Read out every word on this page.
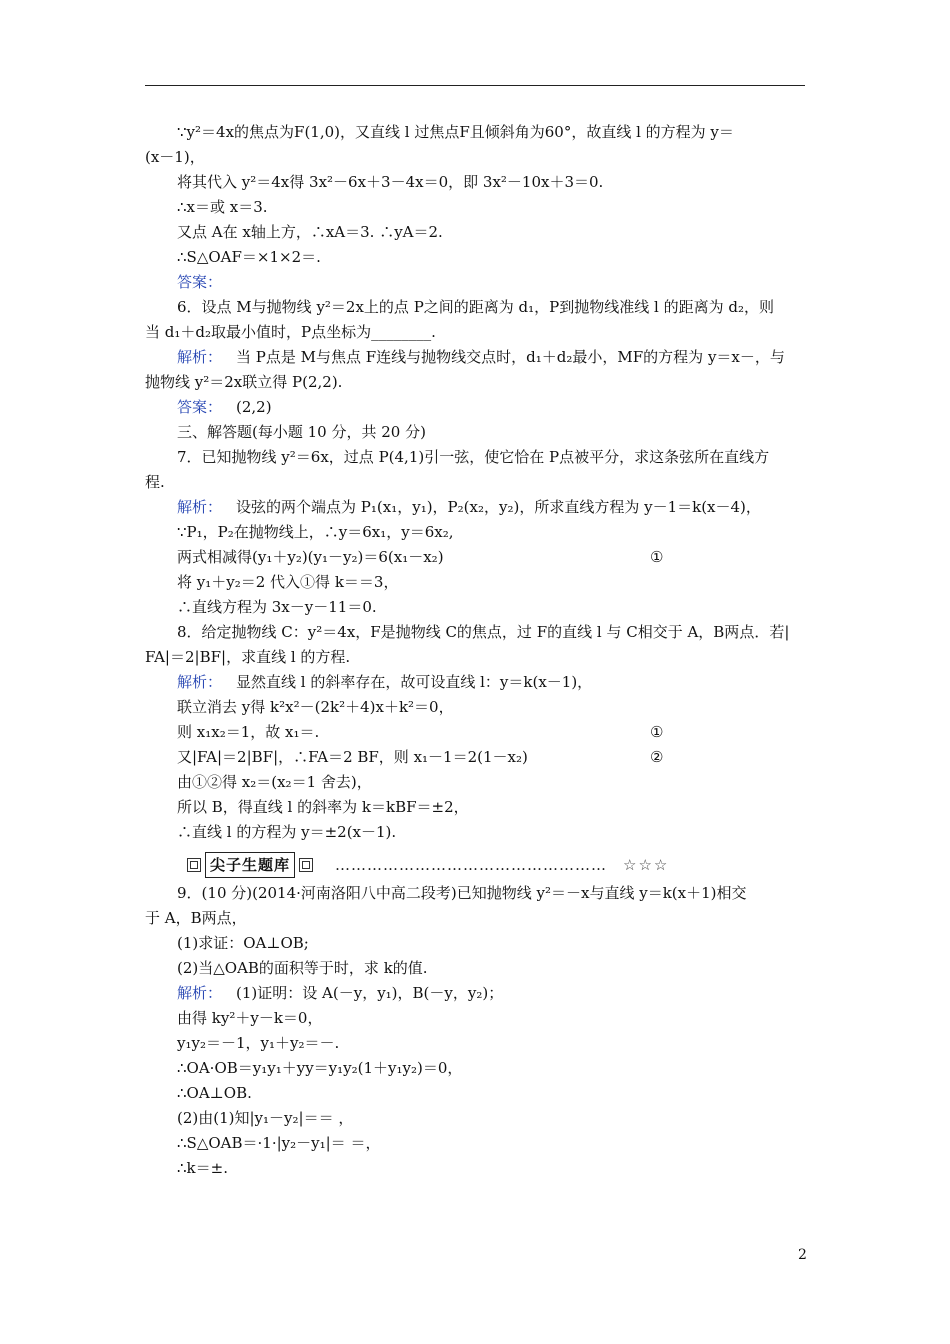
∵y²＝4x的焦点为F(1,0)，又直线 l 过焦点F且倾斜角为60°，故直线 l 的方程为 y＝
(x－1)，
将其代入 y²＝4x得 3x²－6x＋3－4x＝0，即 3x²－10x＋3＝0.
∴x＝或 x＝3.
又点 A在 x轴上方，∴xA＝3. ∴yA＝2.
∴S△OAF＝×1×2＝.
答案：
6．设点 M与抛物线 y²＝2x上的点 P之间的距离为 d₁，P到抛物线准线 l 的距离为 d₂，则
当 d₁＋d₂取最小值时，P点坐标为________.
解析： 当 P点是 M与焦点 F连线与抛物线交点时，d₁＋d₂最小，MF的方程为 y＝x－，与
抛物线 y²＝2x联立得 P(2,2).
答案： (2,2)
三、解答题(每小题 10 分，共 20 分)
7．已知抛物线 y²＝6x，过点 P(4,1)引一弦，使它恰在 P点被平分，求这条弦所在直线方
程.
解析： 设弦的两个端点为 P₁(x₁，y₁)，P₂(x₂，y₂)，所求直线方程为 y－1＝k(x－4)，
∵P₁，P₂在抛物线上，∴y＝6x₁，y＝6x₂,
两式相减得(y₁＋y₂)(y₁－y₂)＝6(x₁－x₂)	①
将 y₁＋y₂＝2 代入①得 k＝＝3，
∴直线方程为 3x－y－11＝0.
8．给定抛物线 C：y²＝4x，F是抛物线 C的焦点，过 F的直线 l 与 C相交于 A，B两点．若|
FA|＝2|BF|，求直线 l 的方程.
解析： 显然直线 l 的斜率存在，故可设直线 l：y＝k(x－1)，
联立消去 y得 k²x²－(2k²＋4)x＋k²＝0，
则 x₁x₂＝1，故 x₁＝.	①
又|FA|＝2|BF|，∴FA＝2 BF，则 x₁－1＝2(1－x₂)	②
由①②得 x₂＝(x₂＝1 舍去)，
所以 B，得直线 l 的斜率为 k＝kBF＝±2，
∴直线 l 的方程为 y＝±2(x－1).
尖子生题库	…………………………………………… ☆☆☆
9．(10 分)(2014·河南洛阳八中高二段考)已知抛物线 y²＝－x与直线 y＝k(x＋1)相交
于 A，B两点，
(1)求证：OA⊥OB;
(2)当△OAB的面积等于时，求 k的值.
解析： (1)证明：设 A(－y，y₁)，B(－y，y₂)；
由得 ky²＋y－k＝0，
y₁y₂＝－1，y₁＋y₂＝－.
∴OA·OB＝y₁y₁＋yy＝y₁y₂(1＋y₁y₂)＝0，
∴OA⊥OB.
(2)由(1)知|y₁－y₂|＝＝ ，
∴S△OAB＝·1·|y₂－y₁|＝ ＝，
∴k＝±.
2
